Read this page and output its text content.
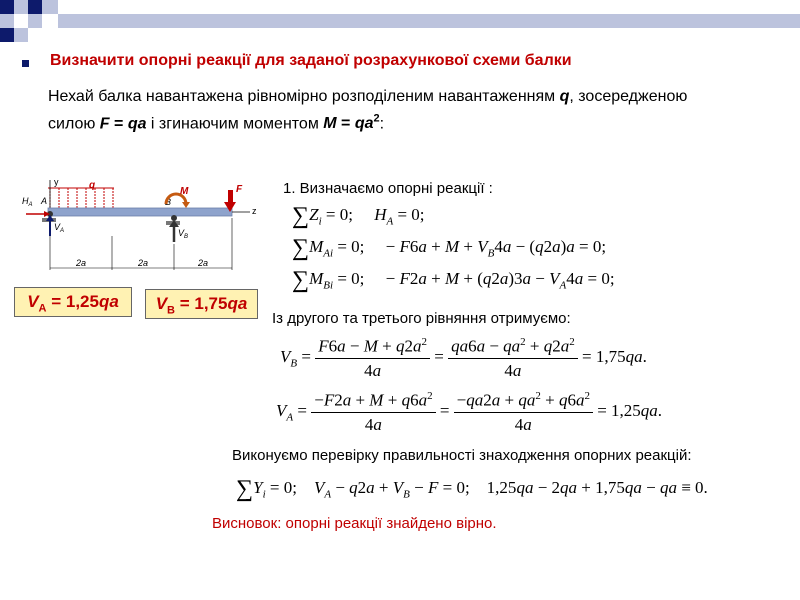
Визначити опорні реакції для заданої розрахункової схеми балки
Нехай балка навантажена рівномірно розподіленим навантаженням q, зосередженою
силою F = qa і згинаючим моментом $M = qa^2$:
q
y
z
$H_A$ A
$V_A$
B
$V_B$
M	F
2a	2a	2a
$V_A = 1,25qa$	$V_B = 1,75qa$
1. Визначаємо опорні реакції :
$\sum Z_i = 0$;     $H_A = 0$;
$\sum M_{Ai} = 0$;     − $F6a + M + V_B4a - (q2a)a = 0$;
$\sum M_{Bi} = 0$;     − $F2a + M + (q2a)3a - V_A4a = 0$;
Із другого та третього рівняння отримуємо:
$V_B = \frac{F6a - M + q2a^2}{4a} = \frac{qa6a - qa^2 + q2a^2}{4a} = 1,75qa$.
$V_A = \frac{-F2a + M + q6a^2}{4a} = \frac{-qa2a + qa^2 + q6a^2}{4a} = 1,25qa$.
Виконуємо перевірку правильності знаходження опорних реакцій:
$\sum Y_i = 0$;    $V_A - q2a + V_B - F = 0$;    1,25qa − 2qa + 1,75qa − qa ≡ 0.
Висновок: опорні реакції знайдено вірно.
